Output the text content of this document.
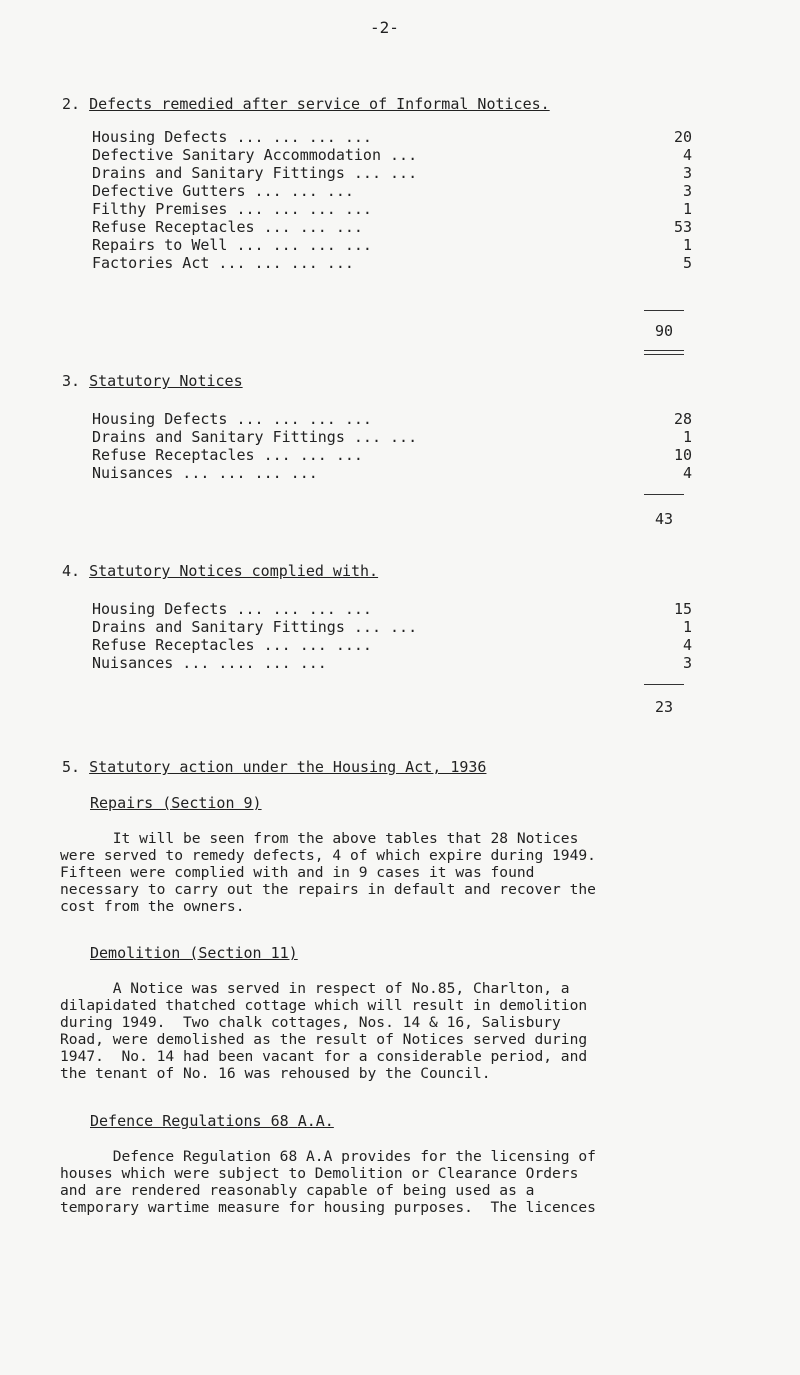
-2-
2. Defects remedied after service of Informal Notices.
Housing Defects ... ... ... ...	20
Defective Sanitary Accommodation ...	4
Drains and Sanitary Fittings ... ...	3
Defective Gutters ... ... ...	3
Filthy Premises ... ... ... ...	1
Refuse Receptacles ... ... ...	53
Repairs to Well ... ... ... ...	1
Factories Act ... ... ... ...	5
90
3. Statutory Notices
Housing Defects ... ... ... ...	28
Drains and Sanitary Fittings ... ...	1
Refuse Receptacles ... ... ...	10
Nuisances ... ... ... ...	4
43
4. Statutory Notices complied with.
Housing Defects ... ... ... ...	15
Drains and Sanitary Fittings ... ...	1
Refuse Receptacles ... ... ....	4
Nuisances ... .... ... ...	3
23
5. Statutory action under the Housing Act, 1936
Repairs (Section 9)
It will be seen from the above tables that 28 Notices
were served to remedy defects, 4 of which expire during 1949.
Fifteen were complied with and in 9 cases it was found
necessary to carry out the repairs in default and recover the
cost from the owners.
Demolition (Section 11)
A Notice was served in respect of No.85, Charlton, a
dilapidated thatched cottage which will result in demolition
during 1949.  Two chalk cottages, Nos. 14 & 16, Salisbury
Road, were demolished as the result of Notices served during
1947.  No. 14 had been vacant for a considerable period, and
the tenant of No. 16 was rehoused by the Council.
Defence Regulations 68 A.A.
Defence Regulation 68 A.A provides for the licensing of
houses which were subject to Demolition or Clearance Orders
and are rendered reasonably capable of being used as a
temporary wartime measure for housing purposes.  The licences
